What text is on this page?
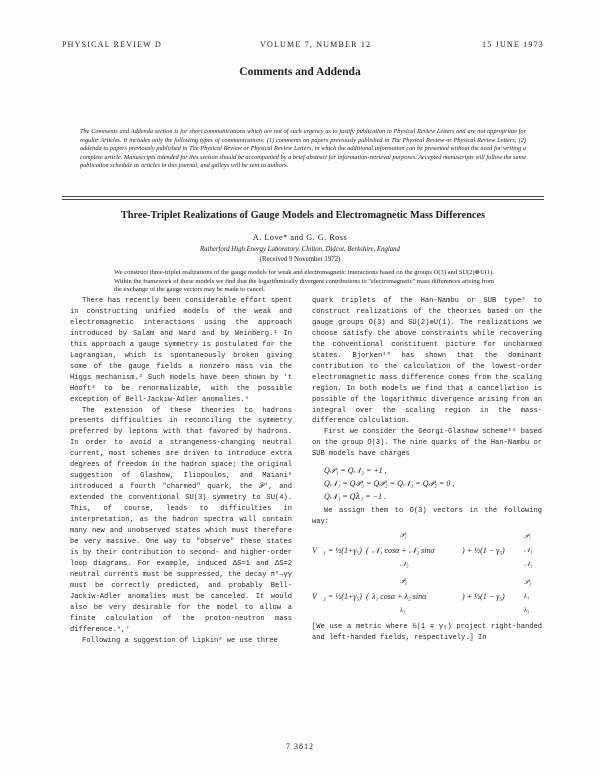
PHYSICAL REVIEW D	VOLUME 7, NUMBER 12	15 JUNE 1973
Comments and Addenda
The Comments and Addenda section is for short communications which are not of such urgency as to justify publication in Physical Review Letters and are not appropriate for regular Articles. It includes only the following types of communications: (1) comments on papers previously published in The Physical Review or Physical Review Letters; (2) addenda to papers previously published in The Physical Review or Physical Review Letters, in which the additional information can be presented without the need for writing a complete article. Manuscripts intended for this section should be accompanied by a brief abstract for information-retrieval purposes. Accepted manuscripts will follow the same publication schedule as articles in this journal, and galleys will be sent to authors.
Three-Triplet Realizations of Gauge Models and Electromagnetic Mass Differences
A. Love* and G. G. Ross
Rutherford High Energy Laboratory, Chilton, Didcot, Berkshire, England
(Received 9 November 1972)
We construct three-triplet realizations of the gauge models for weak and electromagnetic interactions based on the groups O(3) and SU(2)⊗U(1). Within the framework of these models we find that the logarithmically divergent contributions to "electromagnetic" mass differences arising from the exchange of the gauge vectors may be made to cancel.

There has recently been considerable effort spent in constructing unified models of the weak and electromagnetic interactions using the approach introduced by Salam and Ward and by Weinberg.¹ In this approach a gauge symmetry is postulated for the Lagrangian, which is spontaneously broken giving some of the gauge fields a nonzero mass via the Higgs mechanism.² Such models have been shown by 't Hooft³ to be renormalizable, with the possible exception of Bell-Jackiw-Adler anomalies.⁴

The extension of these theories to hadrons presents difficulties in reconciling the symmetry preferred by leptons with that favored by hadrons. In order to avoid a strangeness-changing neutral current, most schemes are driven to introduce extra degrees of freedom in the hadron space; the original suggestion of Glashow, Iliopoulos, and Maiani⁵ introduced a fourth "charmed" quark, the 𝒫′, and extended the conventional SU(3) symmetry to SU(4). This, of course, leads to difficulties in interpretation, as the hadron spectra will contain many new and unobserved states which must therefore be very massive. One way to "observe" these states is by their contribution to second- and higher-order loop diagrams. For example, induced ΔS=1 and ΔS=2 neutral currents must be suppressed, the decay π⁰→γγ must be correctly predicted, and probably Bell-Jackiw-Adler anomalies must be canceled. It would also be very desirable for the model to allow a finite calculation of the proton-neutron mass difference.⁶,⁷

Following a suggestion of Lipkin⁸ we use three

quark triplets of the Han-Nambu or SUB type⁹ to construct realizations of the theories based on the gauge groups O(3) and SU(2)⊗U(1). The realizations we choose satisfy the above constraints while recovering the conventional constituent picture for uncharmed states. Bjorken¹⁰ has shown that the dominant contribution to the calculation of the lowest-order electromagnetic mass difference comes from the scaling region. In both models we find that a cancellation is possible of the logarithmic divergence arising from an integral over the scaling region in the mass-difference calculation.

First we consider the Georgi-Glashow scheme¹¹ based on the group O(3). The nine quarks of the Han-Nambu or SUB models have charges

Q𝒫₁ = Q𝒩₂ = +1 ,
Q𝒩₁ = Q𝒫₃ = Q𝒫₂ = Q𝒩₃ = Q𝒫₂ = 0 ,
Q𝒩₃ = Q𝜆₁ = −1 .

We assign them to O(3) vectors in the following way:

V⃗₁ = ½(1+γ₅) (
𝒫₁
𝒩₁ cosα + 𝒩₂ sinα
𝒩₃
) + ½(1 − γ₅)
𝒫₁
𝒩₁
𝒩₃
V⃗₂ = ½(1+γ₅) (
𝒫₂
λ₁ cosα + λ₂ sinα
λ₃
) + ½(1 − γ₅)
𝒫₂
λ₁
λ₃

[We use a metric where ½(1 ∓ γ₅) project right-handed and left-handed fields, respectively.] In

7 3812
